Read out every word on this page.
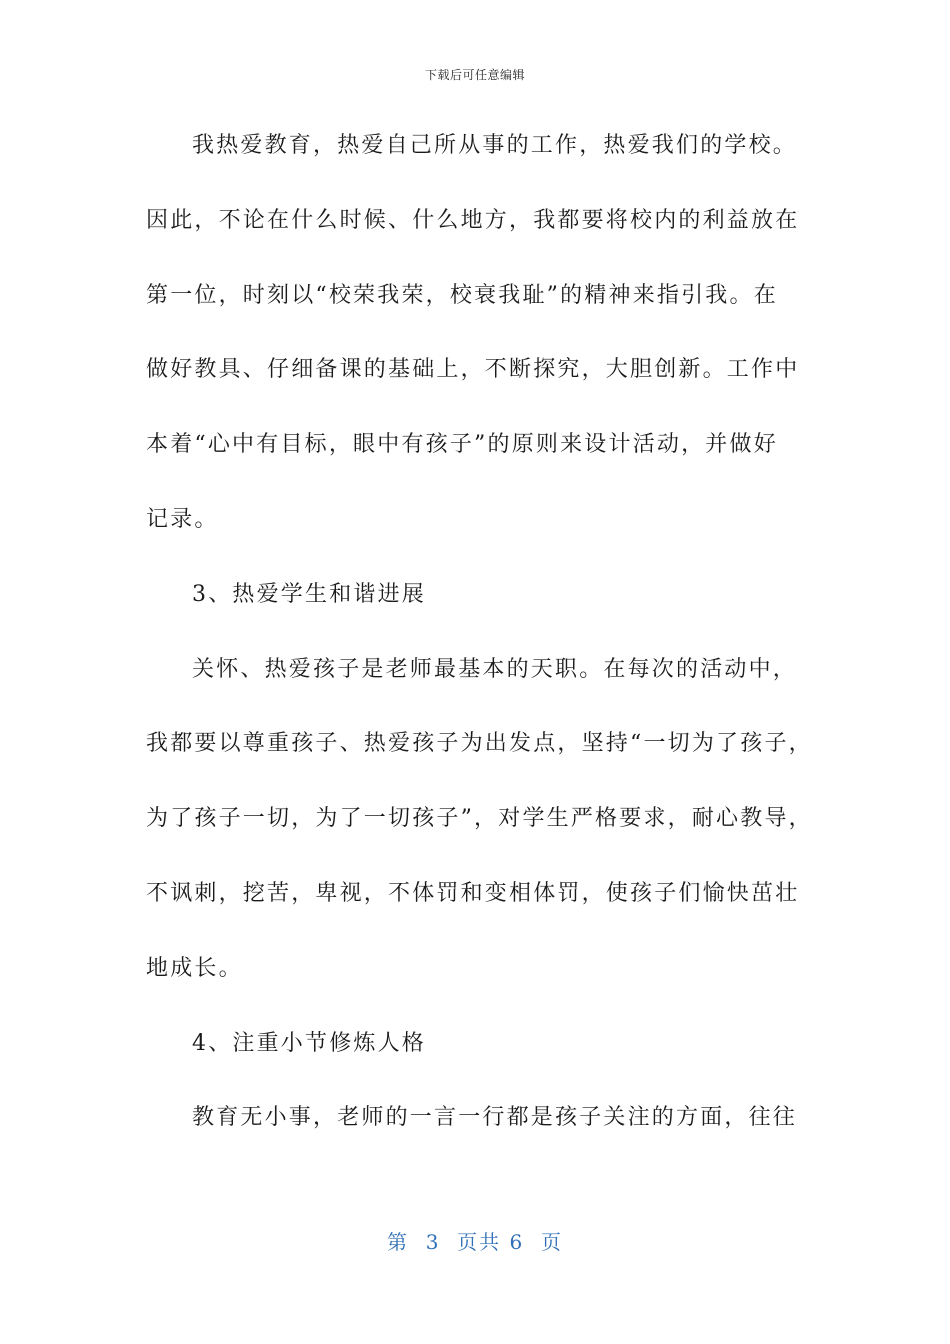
下载后可任意编辑
我热爱教育，热爱自己所从事的工作，热爱我们的学校。
因此，不论在什么时候、什么地方，我都要将校内的利益放在
第一位，时刻以“校荣我荣，校衰我耻”的精神来指引我。在
做好教具、仔细备课的基础上，不断探究，大胆创新。工作中
本着“心中有目标，眼中有孩子”的原则来设计活动，并做好
记录。
3、热爱学生和谐进展
关怀、热爱孩子是老师最基本的天职。在每次的活动中，
我都要以尊重孩子、热爱孩子为出发点，坚持“一切为了孩子，
为了孩子一切，为了一切孩子”，对学生严格要求，耐心教导，
不讽刺，挖苦，卑视，不体罚和变相体罚，使孩子们愉快茁壮
地成长。
4、注重小节修炼人格
教育无小事，老师的一言一行都是孩子关注的方面，往往
第  3  页共 6  页
